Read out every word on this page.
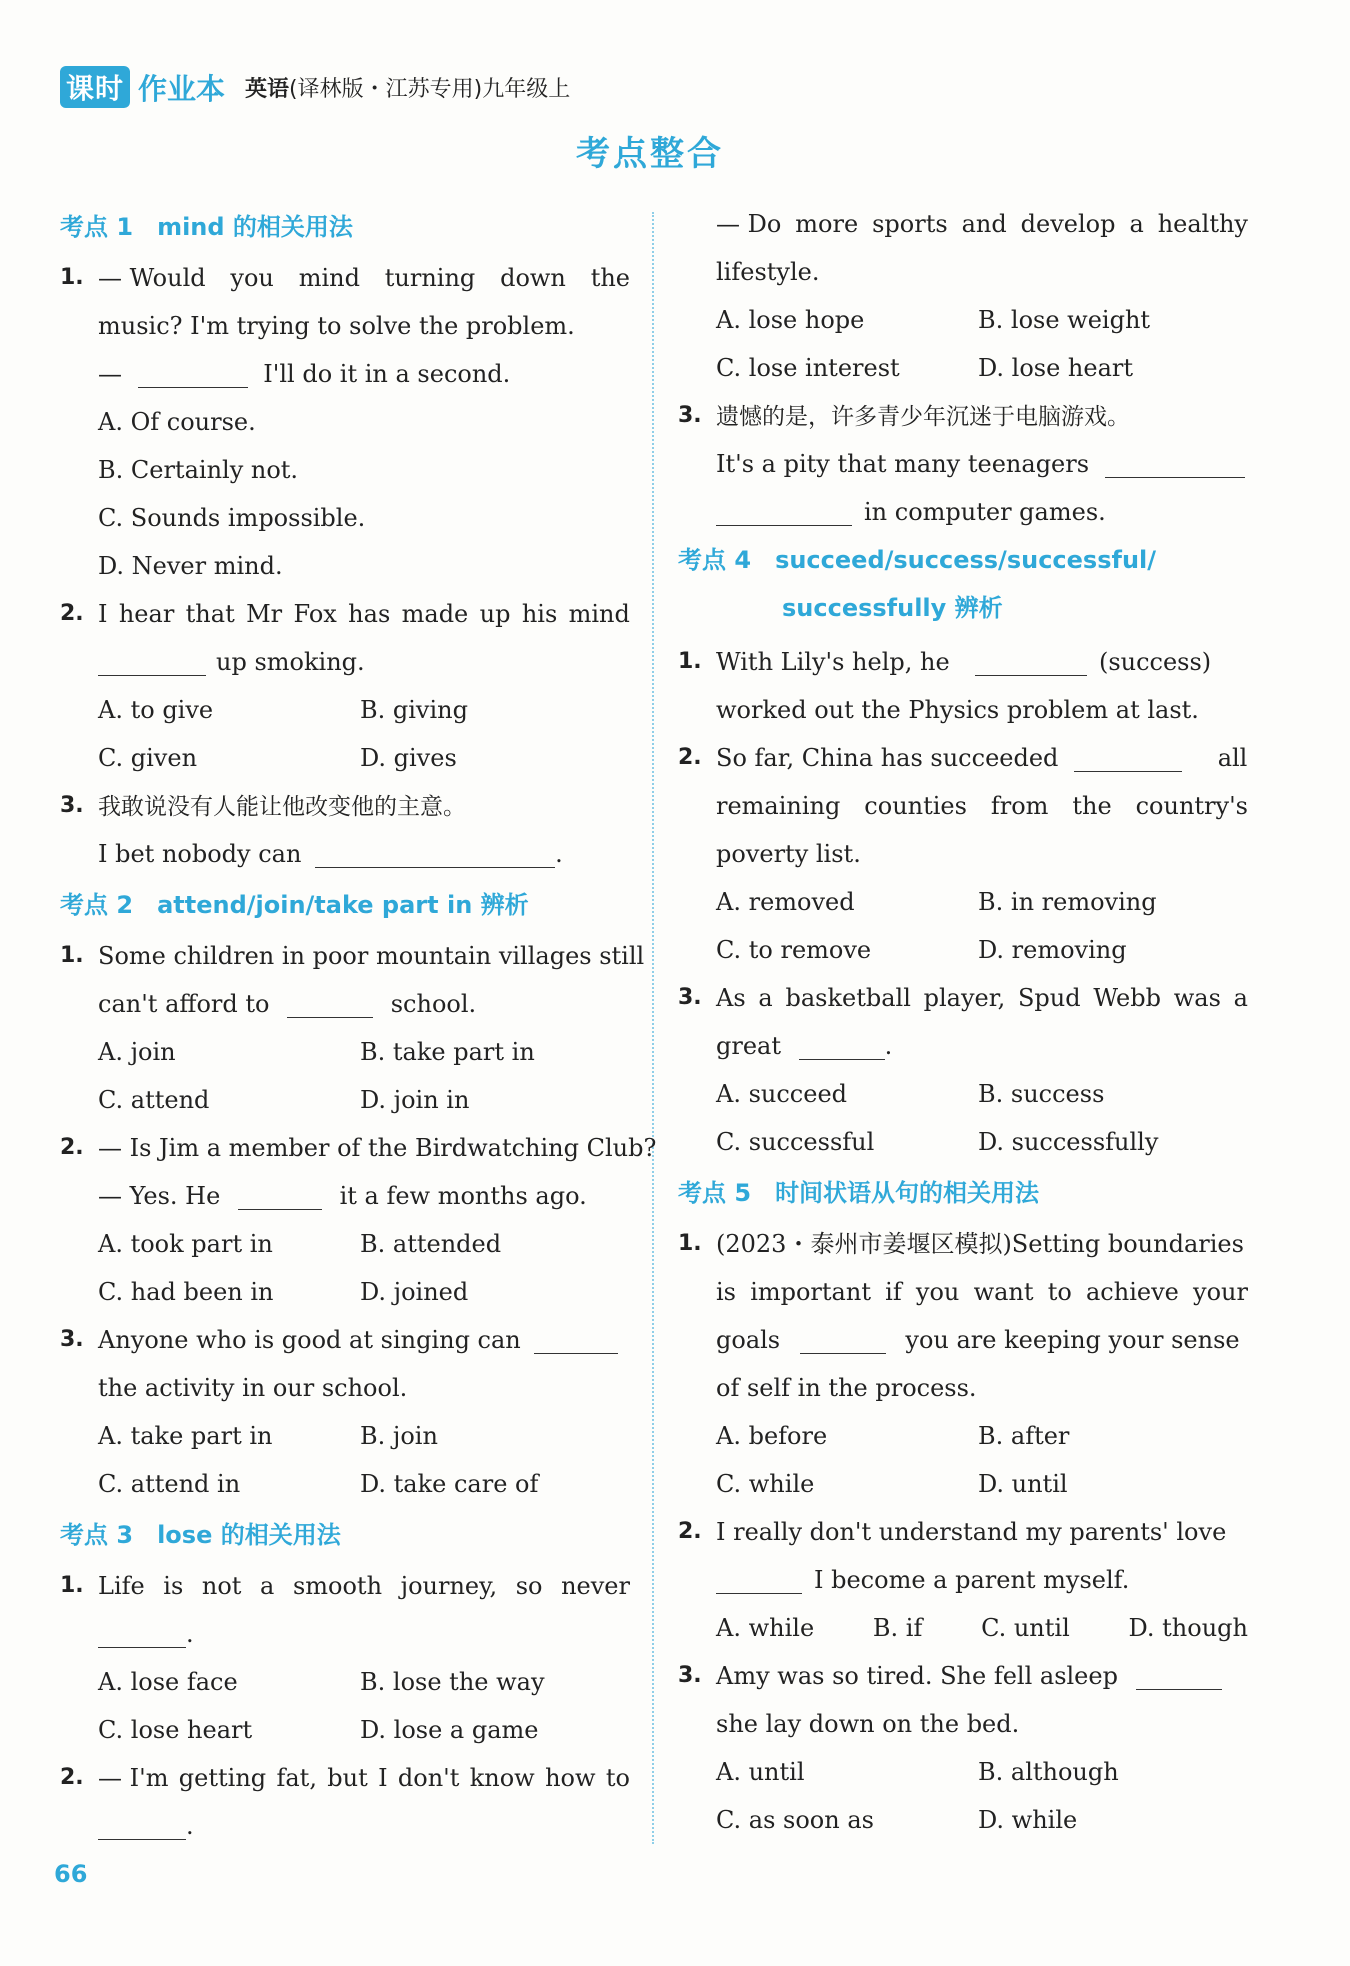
课时 作业本 英语(译林版・江苏专用)九年级上
考点整合
考点 1 mind 的相关用法
1. — Would you mind turning down the
music? I'm trying to solve the problem.
—	I'll do it in a second.
A. Of course.
B. Certainly not.
C. Sounds impossible.
D. Never mind.
2. I hear that Mr Fox has made up his mind
up smoking.
A. to give	B. giving
C. given	D. gives
3. 我敢说没有人能让他改变他的主意。
I bet nobody can	.
考点 2 attend/join/take part in 辨析
1. Some children in poor mountain villages still
can't afford to	school.
A. join	B. take part in
C. attend	D. join in
2. — Is Jim a member of the Birdwatching Club?
— Yes. He	it a few months ago.
A. took part in	B. attended
C. had been in	D. joined
3. Anyone who is good at singing can
the activity in our school.
A. take part in	B. join
C. attend in	D. take care of
考点 3 lose 的相关用法
1. Life is not a smooth journey, so never
.
A. lose face	B. lose the way
C. lose heart	D. lose a game
2. — I'm getting fat, but I don't know how to
.
— Do more sports and develop a healthy
lifestyle.
A. lose hope	B. lose weight
C. lose interest	D. lose heart
3. 遗憾的是，许多青少年沉迷于电脑游戏。
It's a pity that many teenagers
in computer games.
考点 4 succeed/success/successful/
successfully 辨析
1. With Lily's help, he	(success)
worked out the Physics problem at last.
2. So far, China has succeeded	all
remaining counties from the country's
poverty list.
A. removed	B. in removing
C. to remove	D. removing
3. As a basketball player, Spud Webb was a
great	.
A. succeed	B. success
C. successful	D. successfully
考点 5 时间状语从句的相关用法
1. (2023・泰州市姜堰区模拟)Setting boundaries
is important if you want to achieve your
goals	you are keeping your sense
of self in the process.
A. before	B. after
C. while	D. until
2. I really don't understand my parents' love
I become a parent myself.
A. while B. if C. until D. though
3. Amy was so tired. She fell asleep
she lay down on the bed.
A. until	B. although
C. as soon as	D. while
66
